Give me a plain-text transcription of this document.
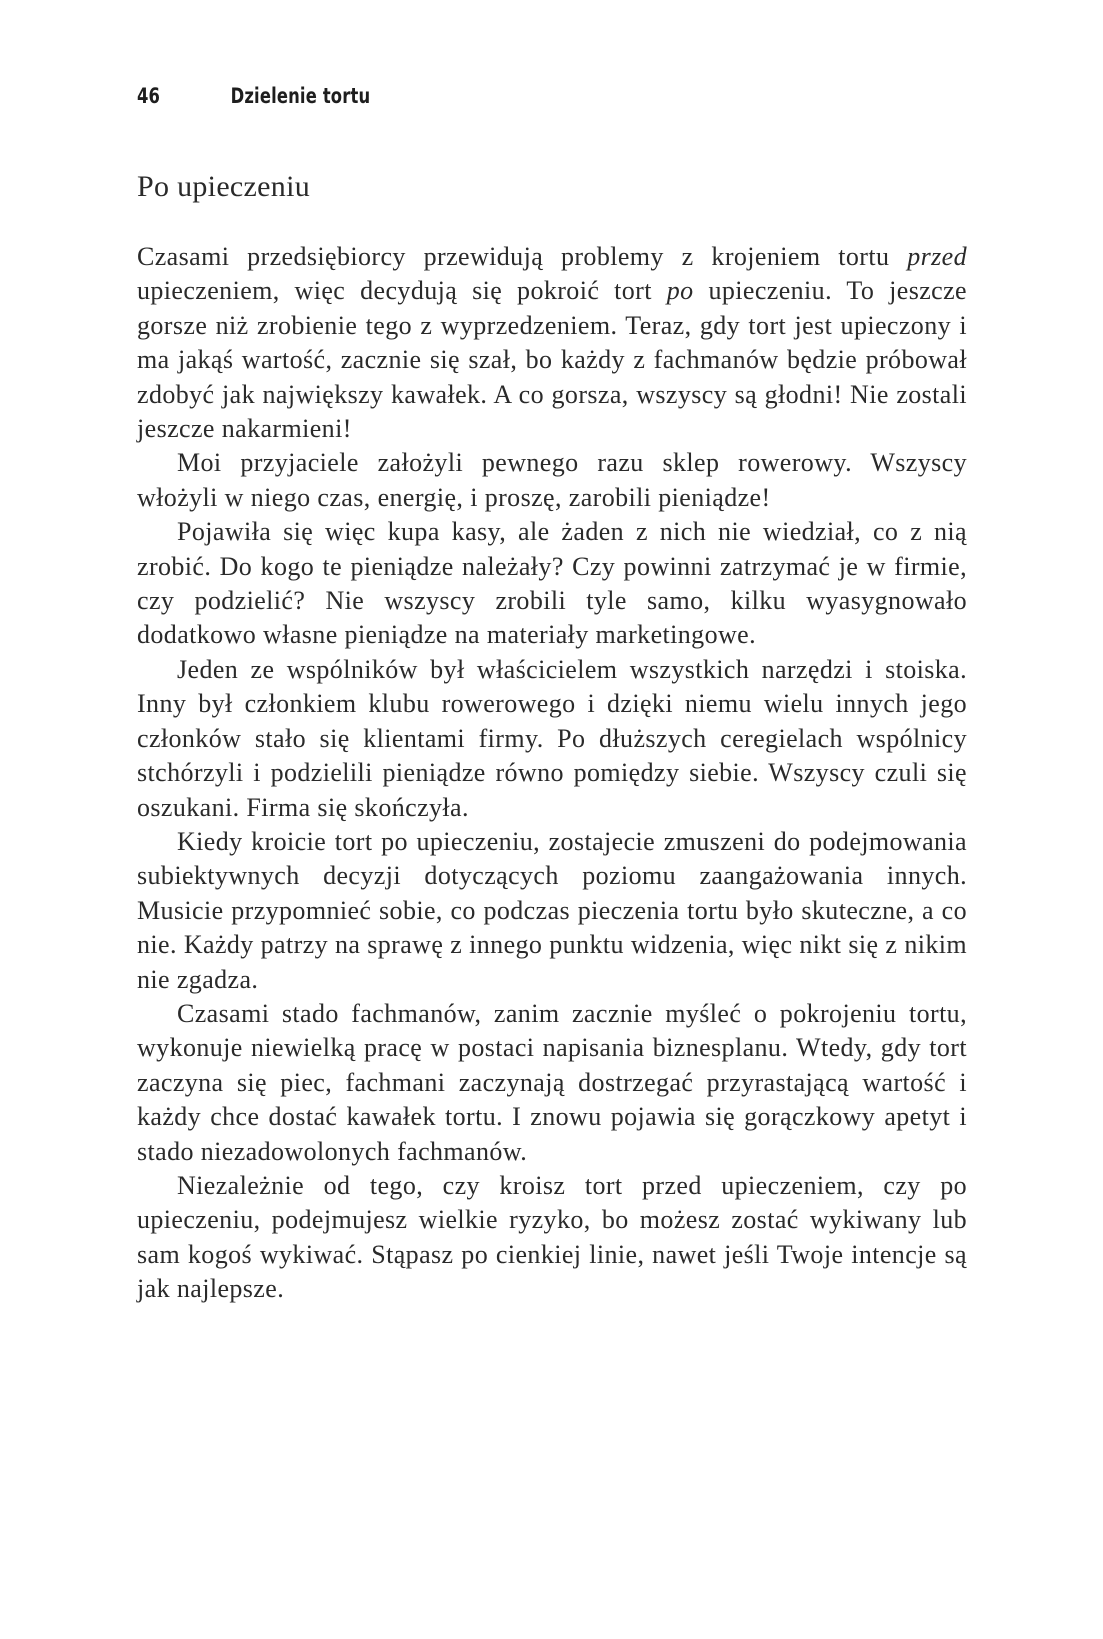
46	Dzielenie tortu
Po upieczeniu

Czasami przedsiębiorcy przewidują problemy z krojeniem tortu przed upieczeniem, więc decydują się pokroić tort po upieczeniu. To jeszcze gorsze niż zrobienie tego z wyprzedzeniem. Teraz, gdy tort jest upieczony i ma jakąś wartość, zacznie się szał, bo każdy z fachmanów będzie próbował zdobyć jak największy kawałek. A co gorsza, wszyscy są głodni! Nie zostali jeszcze nakarmieni!

Moi przyjaciele założyli pewnego razu sklep rowerowy. Wszyscy włożyli w niego czas, energię, i proszę, zarobili pieniądze!

Pojawiła się więc kupa kasy, ale żaden z nich nie wiedział, co z nią zrobić. Do kogo te pieniądze należały? Czy powinni zatrzymać je w firmie, czy podzielić? Nie wszyscy zrobili tyle samo, kilku wyasygnowało dodatkowo własne pieniądze na materiały marketingowe.

Jeden ze wspólników był właścicielem wszystkich narzędzi i stoiska. Inny był członkiem klubu rowerowego i dzięki niemu wielu innych jego członków stało się klientami firmy. Po dłuższych ceregielach wspólnicy stchórzyli i podzielili pieniądze równo pomiędzy siebie. Wszyscy czuli się oszukani. Firma się skończyła.

Kiedy kroicie tort po upieczeniu, zostajecie zmuszeni do podejmowania subiektywnych decyzji dotyczących poziomu zaangażowania innych. Musicie przypomnieć sobie, co podczas pieczenia tortu było skuteczne, a co nie. Każdy patrzy na sprawę z innego punktu widzenia, więc nikt się z nikim nie zgadza.

Czasami stado fachmanów, zanim zacznie myśleć o pokrojeniu tortu, wykonuje niewielką pracę w postaci napisania biznesplanu. Wtedy, gdy tort zaczyna się piec, fachmani zaczynają dostrzegać przyrastającą wartość i każdy chce dostać kawałek tortu. I znowu pojawia się gorączkowy apetyt i stado niezadowolonych fachmanów.

Niezależnie od tego, czy kroisz tort przed upieczeniem, czy po upieczeniu, podejmujesz wielkie ryzyko, bo możesz zostać wykiwany lub sam kogoś wykiwać. Stąpasz po cienkiej linie, nawet jeśli Twoje intencje są jak najlepsze.
